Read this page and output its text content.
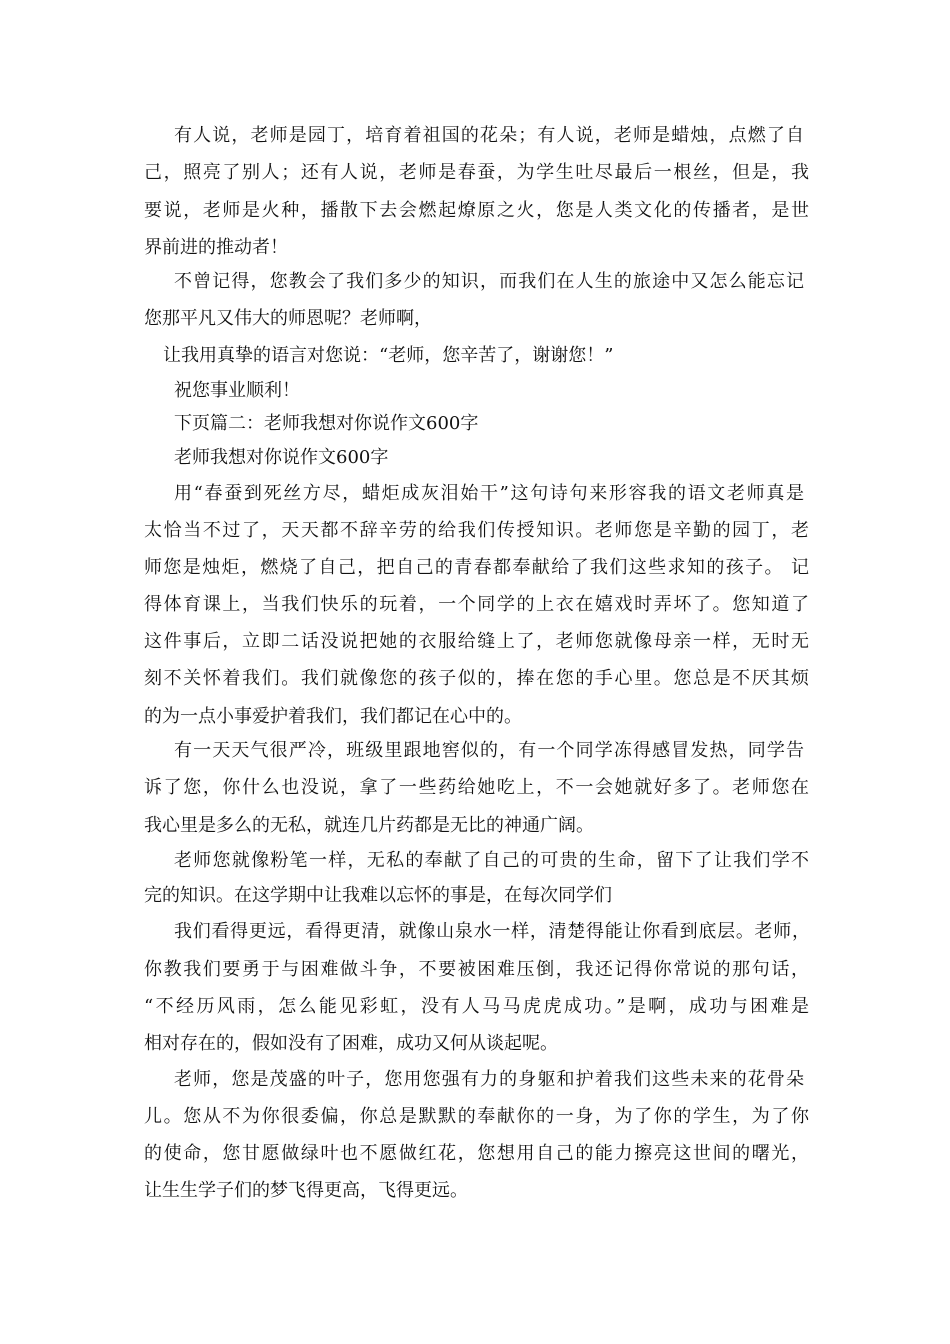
有人说，老师是园丁，培育着祖国的花朵；有人说，老师是蜡烛，点燃了自
己，照亮了别人；还有人说，老师是春蚕，为学生吐尽最后一根丝，但是，我
要说，老师是火种，播散下去会燃起燎原之火，您是人类文化的传播者，是世
界前进的推动者！
不曾记得，您教会了我们多少的知识，而我们在人生的旅途中又怎么能忘记
您那平凡又伟大的师恩呢？老师啊，
让我用真挚的语言对您说：“老师，您辛苦了，谢谢您！”
祝您事业顺利！
下页篇二：老师我想对你说作文600字
老师我想对你说作文600字
用“春蚕到死丝方尽，蜡炬成灰泪始干”这句诗句来形容我的语文老师真是
太恰当不过了，天天都不辞辛劳的给我们传授知识。老师您是辛勤的园丁，老
师您是烛炬，燃烧了自己，把自己的青春都奉献给了我们这些求知的孩子。 记
得体育课上，当我们快乐的玩着，一个同学的上衣在嬉戏时弄坏了。您知道了
这件事后，立即二话没说把她的衣服给缝上了，老师您就像母亲一样，无时无
刻不关怀着我们。我们就像您的孩子似的，捧在您的手心里。您总是不厌其烦
的为一点小事爱护着我们，我们都记在心中的。
有一天天气很严冷，班级里跟地窖似的，有一个同学冻得感冒发热，同学告
诉了您，你什么也没说，拿了一些药给她吃上，不一会她就好多了。老师您在
我心里是多么的无私，就连几片药都是无比的神通广阔。
老师您就像粉笔一样，无私的奉献了自己的可贵的生命，留下了让我们学不
完的知识。在这学期中让我难以忘怀的事是，在每次同学们
我们看得更远，看得更清，就像山泉水一样，清楚得能让你看到底层。老师，
你教我们要勇于与困难做斗争，不要被困难压倒，我还记得你常说的那句话，
“不经历风雨，怎么能见彩虹，没有人马马虎虎成功。”是啊，成功与困难是
相对存在的，假如没有了困难，成功又何从谈起呢。
老师，您是茂盛的叶子，您用您强有力的身躯和护着我们这些未来的花骨朵
儿。您从不为你很委偏，你总是默默的奉献你的一身，为了你的学生，为了你
的使命，您甘愿做绿叶也不愿做红花，您想用自己的能力擦亮这世间的曙光，
让生生学子们的梦飞得更高，飞得更远。
